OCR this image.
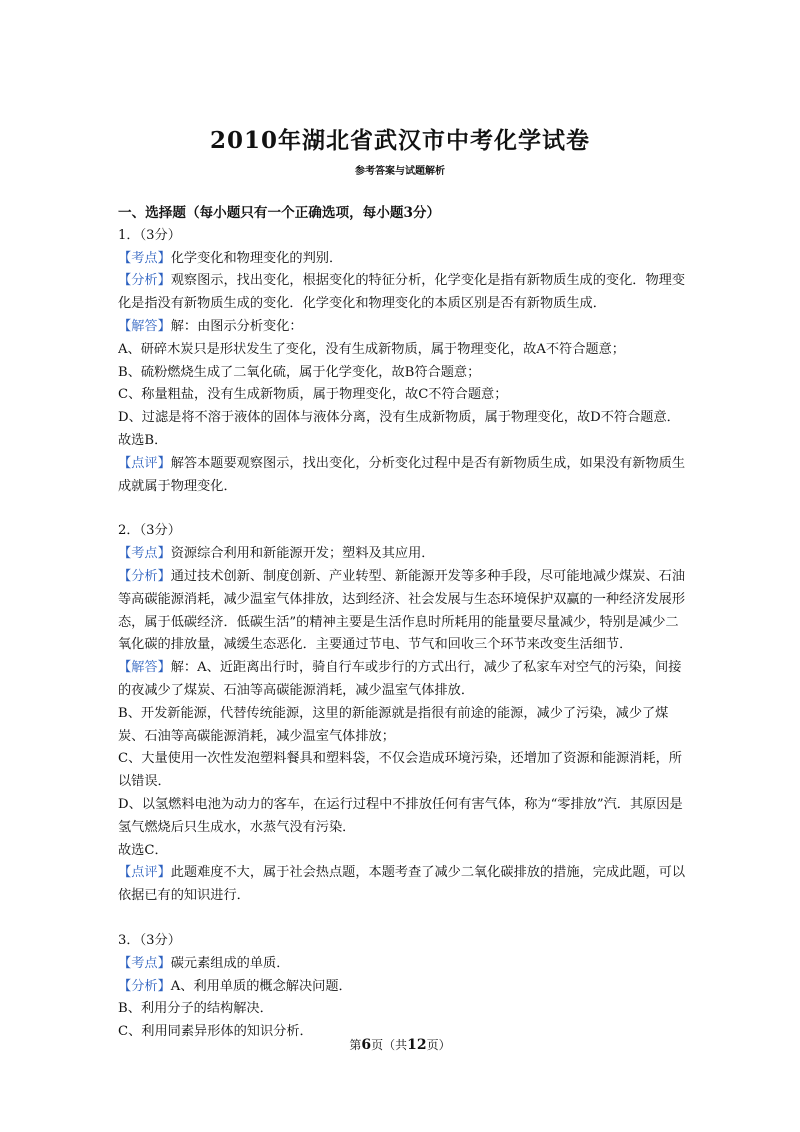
2010年湖北省武汉市中考化学试卷
参考答案与试题解析
一、选择题（每小题只有一个正确选项，每小题3分）
1．（3分）
【考点】化学变化和物理变化的判别．
【分析】观察图示，找出变化，根据变化的特征分析，化学变化是指有新物质生成的变化．物理变化是指没有新物质生成的变化．化学变化和物理变化的本质区别是否有新物质生成．
【解答】解：由图示分析变化：
A、研碎木炭只是形状发生了变化，没有生成新物质，属于物理变化，故A不符合题意；
B、硫粉燃烧生成了二氧化硫，属于化学变化，故B符合题意；
C、称量粗盐，没有生成新物质，属于物理变化，故C不符合题意；
D、过滤是将不溶于液体的固体与液体分离，没有生成新物质，属于物理变化，故D不符合题意．
故选B．
【点评】解答本题要观察图示，找出变化，分析变化过程中是否有新物质生成，如果没有新物质生成就属于物理变化．
2．（3分）
【考点】资源综合利用和新能源开发；塑料及其应用．
【分析】通过技术创新、制度创新、产业转型、新能源开发等多种手段，尽可能地减少煤炭、石油等高碳能源消耗，减少温室气体排放，达到经济、社会发展与生态环境保护双赢的一种经济发展形态，属于低碳经济．低碳生活”的精神主要是生活作息时所耗用的能量要尽量减少，特别是减少二氧化碳的排放量，减缓生态恶化．主要通过节电、节气和回收三个环节来改变生活细节．
【解答】解：A、近距离出行时，骑自行车或步行的方式出行，减少了私家车对空气的污染，间接的夜减少了煤炭、石油等高碳能源消耗，减少温室气体排放．
B、开发新能源，代替传统能源，这里的新能源就是指很有前途的能源，减少了污染，减少了煤炭、石油等高碳能源消耗，减少温室气体排放；
C、大量使用一次性发泡塑料餐具和塑料袋，不仅会造成环境污染，还增加了资源和能源消耗，所以错误．
D、以氢燃料电池为动力的客车，在运行过程中不排放任何有害气体，称为“零排放”汽．其原因是氢气燃烧后只生成水，水蒸气没有污染．
故选C．
【点评】此题难度不大，属于社会热点题，本题考查了减少二氧化碳排放的措施，完成此题，可以依据已有的知识进行．
3．（3分）
【考点】碳元素组成的单质．
【分析】A、利用单质的概念解决问题．
B、利用分子的结构解决．
C、利用同素异形体的知识分析．
第6页（共12页）
